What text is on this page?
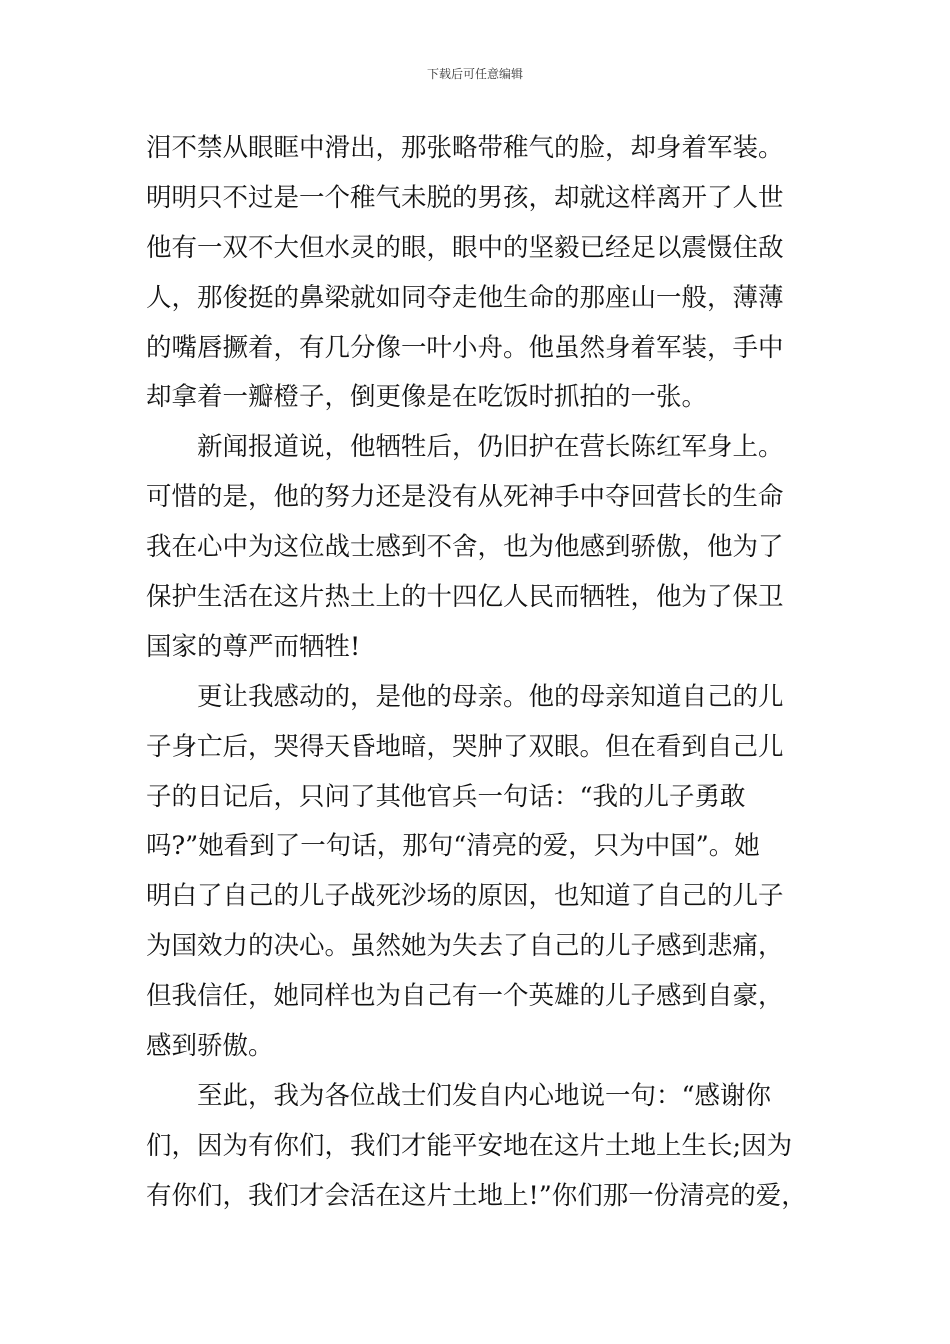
下载后可任意编辑
泪不禁从眼眶中滑出，那张略带稚气的脸，却身着军装。
明明只不过是一个稚气未脱的男孩，却就这样离开了人世
他有一双不大但水灵的眼，眼中的坚毅已经足以震慑住敌
人，那俊挺的鼻梁就如同夺走他生命的那座山一般，薄薄
的嘴唇撅着，有几分像一叶小舟。他虽然身着军装，手中
却拿着一瓣橙子，倒更像是在吃饭时抓拍的一张。
新闻报道说，他牺牲后，仍旧护在营长陈红军身上。
可惜的是，他的努力还是没有从死神手中夺回营长的生命
我在心中为这位战士感到不舍，也为他感到骄傲，他为了
保护生活在这片热土上的十四亿人民而牺牲，他为了保卫
国家的尊严而牺牲!
更让我感动的，是他的母亲。他的母亲知道自己的儿
子身亡后，哭得天昏地暗，哭肿了双眼。但在看到自己儿
子的日记后，只问了其他官兵一句话：“我的儿子勇敢
吗?”她看到了一句话，那句“清亮的爱，只为中国”。她
明白了自己的儿子战死沙场的原因，也知道了自己的儿子
为国效力的决心。虽然她为失去了自己的儿子感到悲痛，
但我信任，她同样也为自己有一个英雄的儿子感到自豪，
感到骄傲。
至此，我为各位战士们发自内心地说一句：“感谢你
们，因为有你们，我们才能平安地在这片土地上生长;因为
有你们，我们才会活在这片土地上!”你们那一份清亮的爱，
